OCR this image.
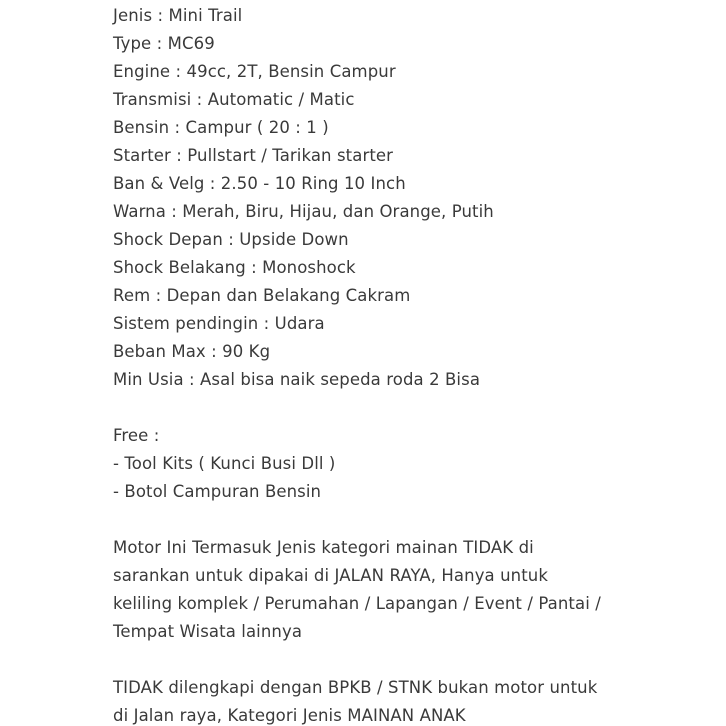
Jenis : Mini Trail
Type : MC69
Engine : 49cc, 2T, Bensin Campur
Transmisi : Automatic / Matic
Bensin : Campur ( 20 : 1 )
Starter : Pullstart / Tarikan starter
Ban & Velg : 2.50 - 10 Ring 10 Inch
Warna : Merah, Biru, Hijau, dan Orange, Putih
Shock Depan : Upside Down
Shock Belakang : Monoshock
Rem : Depan dan Belakang Cakram
Sistem pendingin : Udara
Beban Max : 90 Kg
Min Usia : Asal bisa naik sepeda roda 2 Bisa
Free :
- Tool Kits ( Kunci Busi Dll )
- Botol Campuran Bensin
Motor Ini Termasuk Jenis kategori mainan TIDAK di
sarankan untuk dipakai di JALAN RAYA, Hanya untuk
keliling komplek / Perumahan / Lapangan / Event / Pantai /
Tempat Wisata lainnya
TIDAK dilengkapi dengan BPKB / STNK bukan motor untuk
di Jalan raya, Kategori Jenis MAINAN ANAK
